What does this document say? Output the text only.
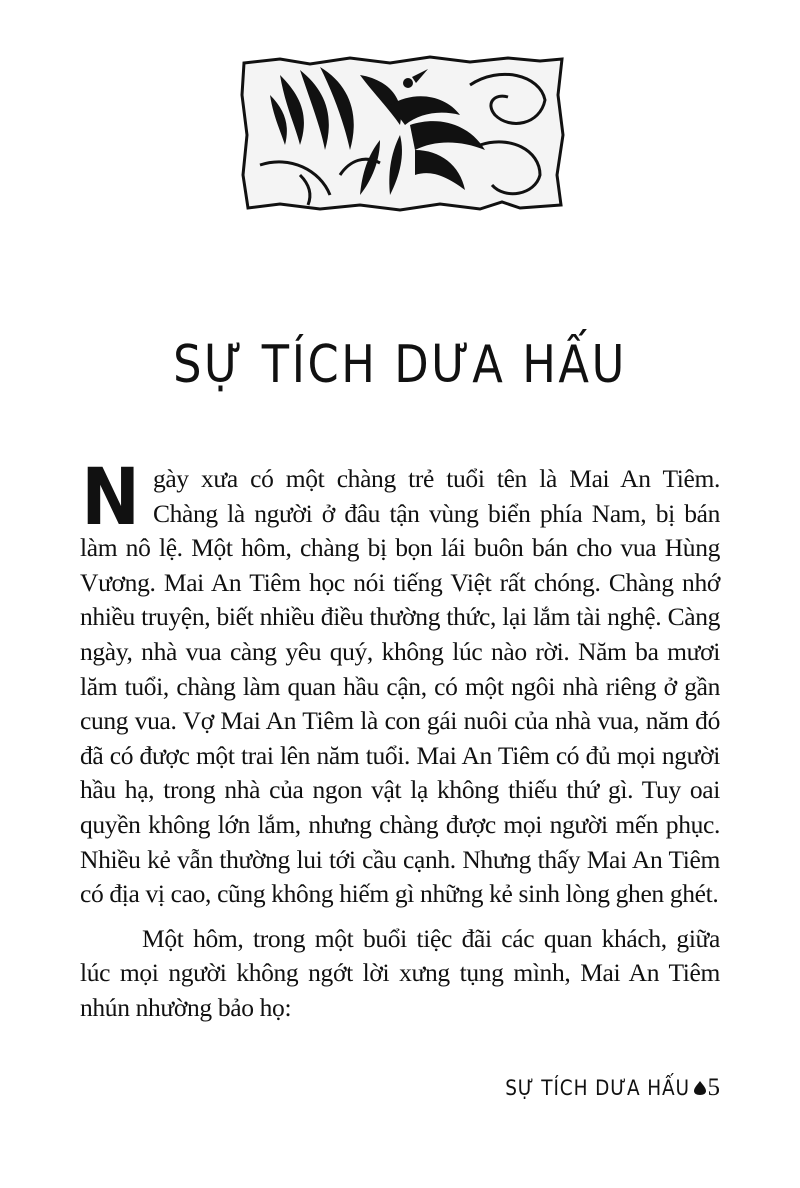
SỰ TÍCH DƯA HẤU

Ngày xưa có một chàng trẻ tuổi tên là Mai An Tiêm. Chàng là người ở đâu tận vùng biển phía Nam, bị bán làm nô lệ. Một hôm, chàng bị bọn lái buôn bán cho vua Hùng Vương. Mai An Tiêm học nói tiếng Việt rất chóng. Chàng nhớ nhiều truyện, biết nhiều điều thường thức, lại lắm tài nghệ. Càng ngày, nhà vua càng yêu quý, không lúc nào rời. Năm ba mươi lăm tuổi, chàng làm quan hầu cận, có một ngôi nhà riêng ở gần cung vua. Vợ Mai An Tiêm là con gái nuôi của nhà vua, năm đó đã có được một trai lên năm tuổi. Mai An Tiêm có đủ mọi người hầu hạ, trong nhà của ngon vật lạ không thiếu thứ gì. Tuy oai quyền không lớn lắm, nhưng chàng được mọi người mến phục. Nhiều kẻ vẫn thường lui tới cầu cạnh. Nhưng thấy Mai An Tiêm có địa vị cao, cũng không hiếm gì những kẻ sinh lòng ghen ghét.

Một hôm, trong một buổi tiệc đãi các quan khách, giữa lúc mọi người không ngớt lời xưng tụng mình, Mai An Tiêm nhún nhường bảo họ:

SỰ TÍCH DƯA HẤU 5
